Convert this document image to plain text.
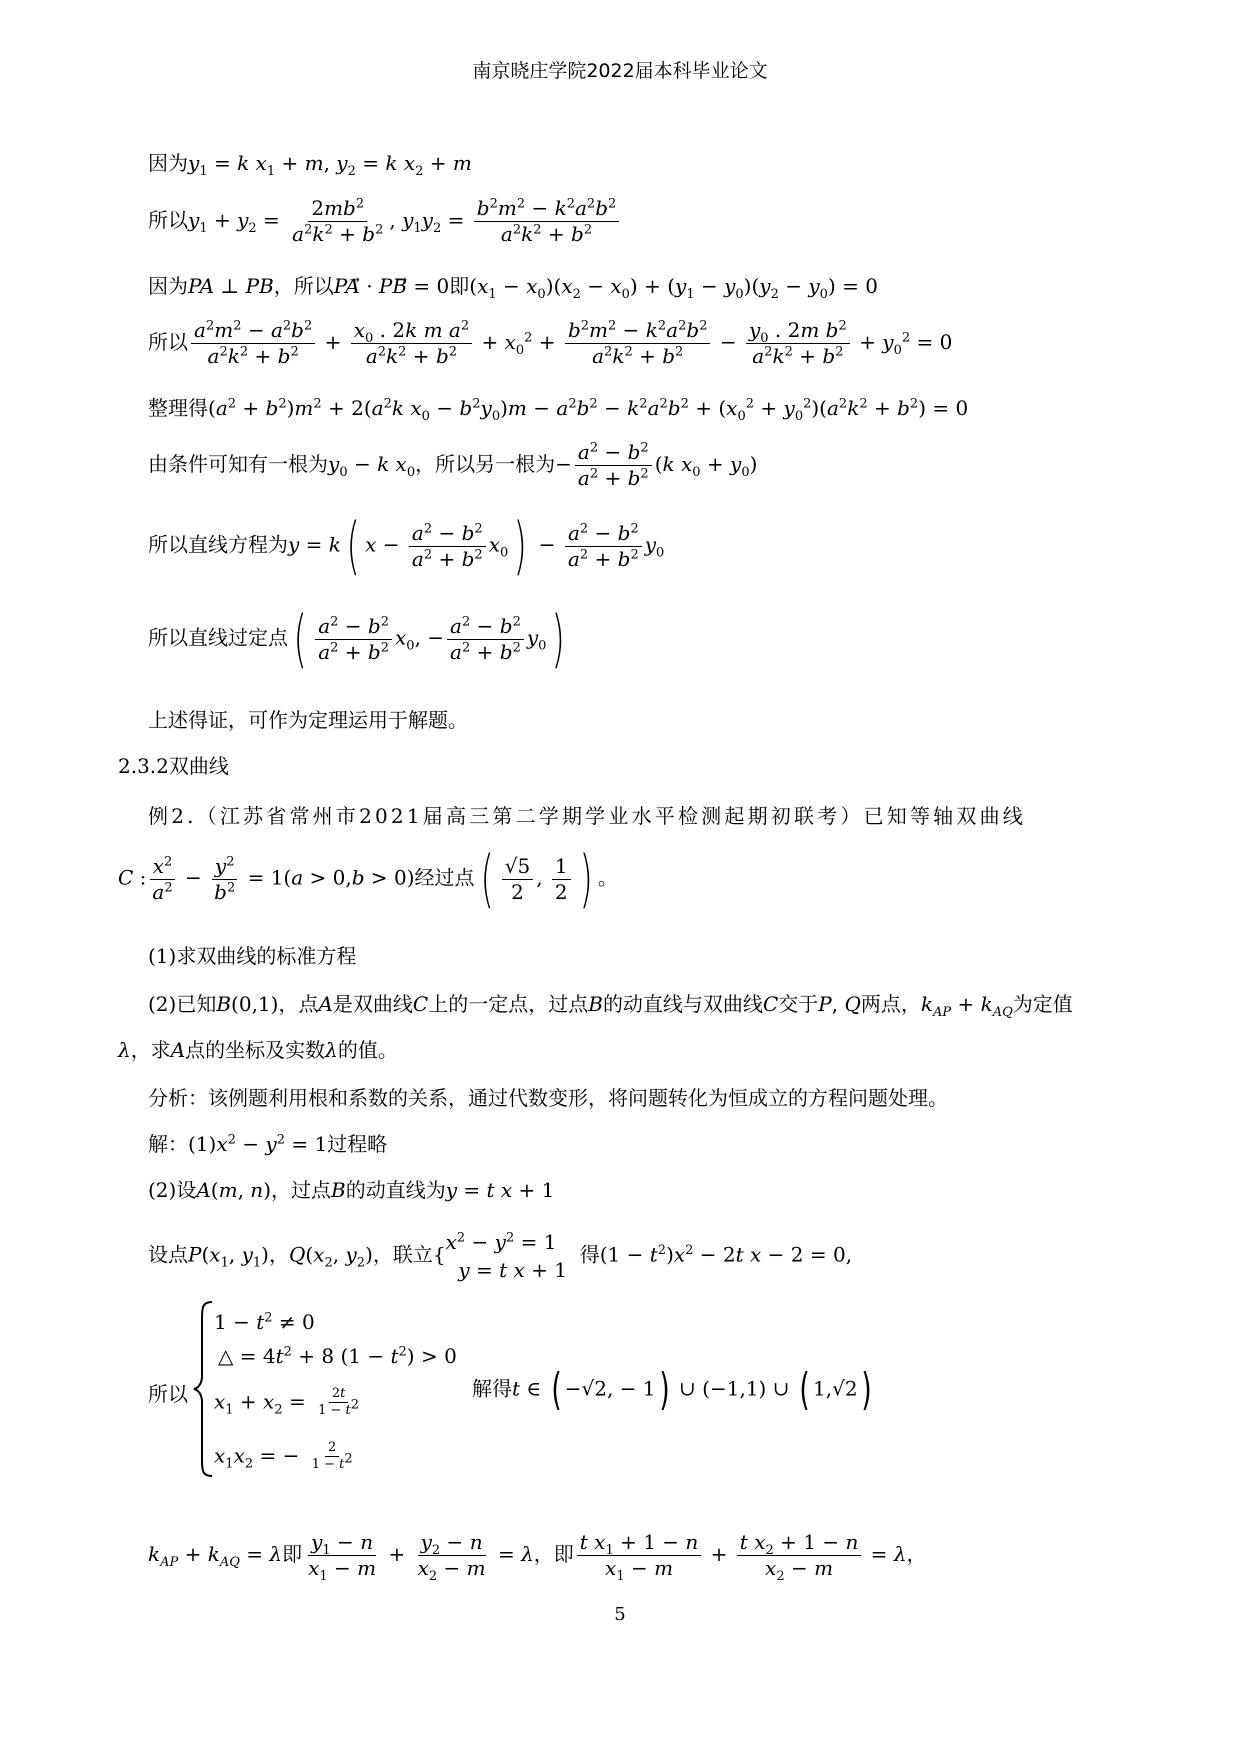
南京晓庄学院2022届本科毕业论文
因为$y_1 = k$ $x_1 + m$, $y_2 = k$ $x_2 + m$
所以$y_1 + y_2 = \frac{2mb^2}{a^2k^2 + b^2}$ , $y_1y_2 = \frac{b^2m^2 - k^2a^2b^2}{a^2k^2 + b^2}$
因为PA ⊥ PB，所以PA⃗ · PB⃗ = 0即$(x_1 - x_0)(x_2 - x_0) + (y_1 - y_0)(y_2 - y_0) = 0$
所以 $\frac{a^2m^2 - a^2b^2}{a^2k^2 + b^2} + \frac{x_0 . 2k m a^2}{a^2k^2 + b^2} + x_0^2 + \frac{b^2m^2 - k^2a^2b^2}{a^2k^2 + b^2} - \frac{y_0 . 2m b^2}{a^2k^2 + b^2} + y_0^2 = 0$
整理得$(a^2 + b^2)m^2 + 2(a^2k$ $x_0 - b^2y_0)m - a^2b^2 - k^2a^2b^2 + (x_0^2 + y_0^2)(a^2k^2 + b^2) = 0$
由条件可知有一根为$y_0 - k$ $x_0$，所以另一根为− $\frac{a^2 - b^2}{a^2 + b^2} (k$ $x_0 + y_0$)
所以直线方程为y = k( $x - \frac{a^2 - b^2}{a^2 + b^2} x_0) - \frac{a^2 - b^2}{a^2 + b^2} y_0$
所以直线过定点( $\frac{a^2 - b^2}{a^2 + b^2} x_0$, − $\frac{a^2 - b^2}{a^2 + b^2} y_0$)
上述得证，可作为定理运用于解题。
2.3.2双曲线
例2.（江苏省常州市2021届高三第二学期学业水平检测起期初联考）已知等轴双曲线
C : $\frac{x^2}{a^2} - \frac{y^2}{b^2} = 1(a > 0,b > 0)$经过点( $\frac{√5}{2}$ , $\frac{1}{2}$ ) 。
(1)求双曲线的标准方程
(2)已知B(0,1)，点A是双曲线C上的一定点，过点B的动直线与双曲线C交于P, Q两点，$k_{AP} + k_{AQ}$为定值
λ，求A点的坐标及实数λ的值。
分析：该例题利用根和系数的关系，通过代数变形，将问题转化为恒成立的方程问题处理。
解：$(1)x^2 - y^2 = 1$过程略
(2)设A(m, n)，过点B的动直线为y = t x + 1
设点$P(x_1$, $y_1$)，$Q(x_2$, $y_2$)，联立{
$x^2 - y^2 = 1$
y = t x + 1
得$(1 - t^2)x^2 - 2t$ x − 2 = 0,
所以
$1 - t^2 \ne 0$
△ = $4t^2 + 8$ $(1 - t^2) > 0$
$x_1 + x_2 = \frac{2t}{1 - t^2}$
$x_1x_2$ = − $\frac{2}{1 - t^2}$
解得t ∈ ( −√2, − 1) ∪ (−1,1) ∪ ( 1,√2)
$k_{AP} + k_{AQ} = \lambda$即 $\frac{y_1 - n}{x_1 - m} + \frac{y_2 - n}{x_2 - m} = \lambda$，即 $\frac{t x_1 + 1 - n}{x_1 - m} + \frac{t x_2 + 1 - n}{x_2 - m} = \lambda$，
5
